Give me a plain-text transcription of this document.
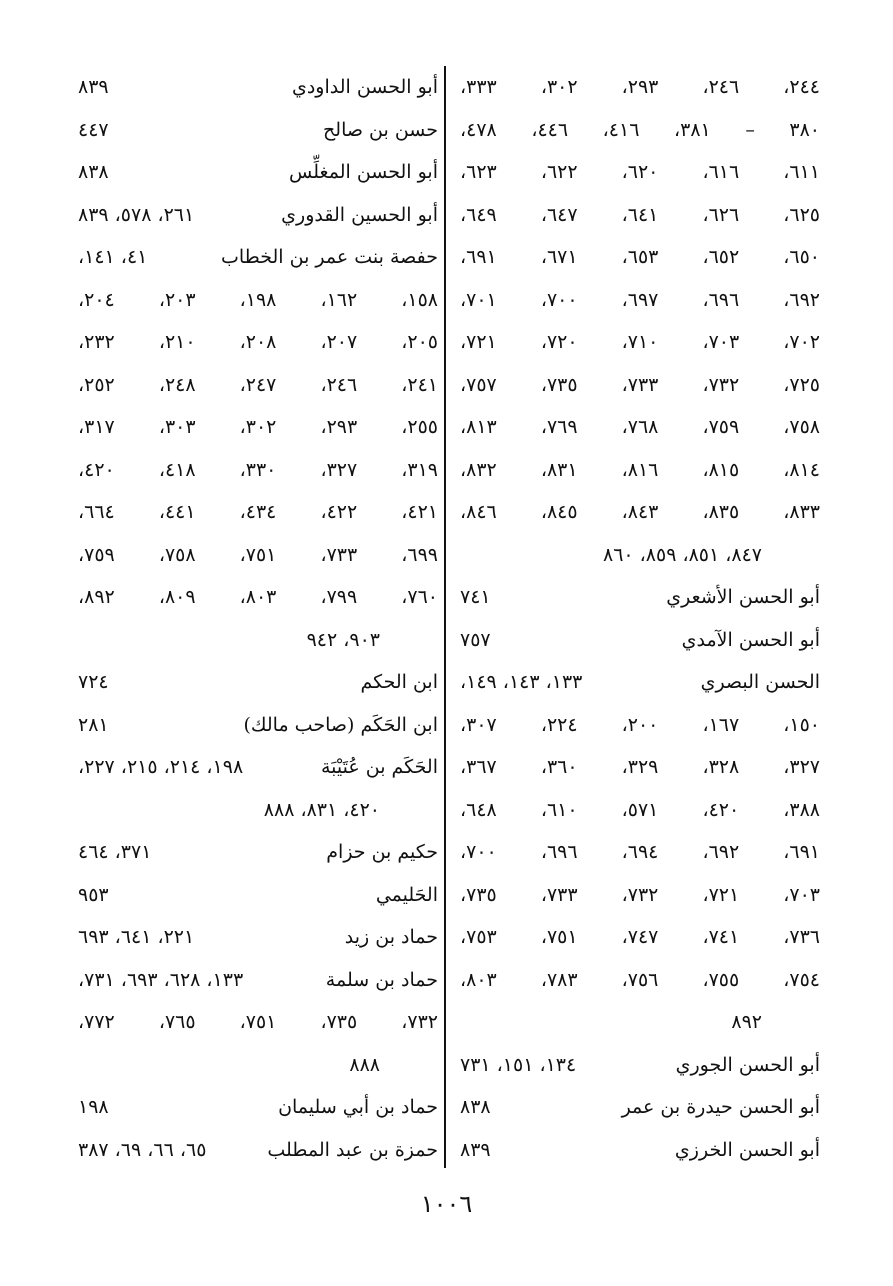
٢٤٤، ٢٤٦، ٢٩٣، ٣٠٢، ٣٣٣،
٣٨٠ – ٣٨١، ٤١٦، ٤٤٦، ٤٧٨،
٦١١، ٦١٦، ٦٢٠، ٦٢٢، ٦٢٣،
٦٢٥، ٦٢٦، ٦٤١، ٦٤٧، ٦٤٩،
٦٥٠، ٦٥٢، ٦٥٣، ٦٧١، ٦٩١،
٦٩٢، ٦٩٦، ٦٩٧، ٧٠٠، ٧٠١،
٧٠٢، ٧٠٣، ٧١٠، ٧٢٠، ٧٢١،
٧٢٥، ٧٣٢، ٧٣٣، ٧٣٥، ٧٥٧،
٧٥٨، ٧٥٩، ٧٦٨، ٧٦٩، ٨١٣،
٨١٤، ٨١٥، ٨١٦، ٨٣١، ٨٣٢،
٨٣٣، ٨٣٥، ٨٤٣، ٨٤٥، ٨٤٦،
٨٤٧، ٨٥١، ٨٥٩، ٨٦٠
أبو الحسن الأشعري
٧٤١
أبو الحسن الآمدي
٧٥٧
الحسن البصري
١٣٣، ١٤٣، ١٤٩،
١٥٠، ١٦٧، ٢٠٠، ٢٢٤، ٣٠٧،
٣٢٧، ٣٢٨، ٣٢٩، ٣٦٠، ٣٦٧،
٣٨٨، ٤٢٠، ٥٧١، ٦١٠، ٦٤٨،
٦٩١، ٦٩٢، ٦٩٤، ٦٩٦، ٧٠٠،
٧٠٣، ٧٢١، ٧٣٢، ٧٣٣، ٧٣٥،
٧٣٦، ٧٤١، ٧٤٧، ٧٥١، ٧٥٣،
٧٥٤، ٧٥٥، ٧٥٦، ٧٨٣، ٨٠٣،
٨٩٢
أبو الحسن الجوري
١٣٤، ١٥١، ٧٣١
أبو الحسن حيدرة بن عمر
٨٣٨
أبو الحسن الخرزي
٨٣٩
أبو الحسن الداودي
٨٣٩
حسن بن صالح
٤٤٧
أبو الحسن المغلِّس
٨٣٨
أبو الحسين القدوري
٢٦١، ٥٧٨، ٨٣٩
حفصة بنت عمر بن الخطاب
٤١، ١٤١،
١٥٨، ١٦٢، ١٩٨، ٢٠٣، ٢٠٤،
٢٠٥، ٢٠٧، ٢٠٨، ٢١٠، ٢٣٢،
٢٤١، ٢٤٦، ٢٤٧، ٢٤٨، ٢٥٢،
٢٥٥، ٢٩٣، ٣٠٢، ٣٠٣، ٣١٧،
٣١٩، ٣٢٧، ٣٣٠، ٤١٨، ٤٢٠،
٤٢١، ٤٢٢، ٤٣٤، ٤٤١، ٦٦٤،
٦٩٩، ٧٣٣، ٧٥١، ٧٥٨، ٧٥٩،
٧٦٠، ٧٩٩، ٨٠٣، ٨٠٩، ٨٩٢،
٩٠٣، ٩٤٢
ابن الحكم
٧٢٤
ابن الحَكَم (صاحب مالك)
٢٨١
الحَكَم بن عُتَيْبَة
١٩٨، ٢١٤، ٢١٥، ٢٢٧،
٤٢٠، ٨٣١، ٨٨٨
حكيم بن حزام
٣٧١، ٤٦٤
الحَليمي
٩٥٣
حماد بن زيد
٢٢١، ٦٤١، ٦٩٣
حماد بن سلمة
١٣٣، ٦٢٨، ٦٩٣، ٧٣١،
٧٣٢، ٧٣٥، ٧٥١، ٧٦٥، ٧٧٢،
٨٨٨
حماد بن أبي سليمان
١٩٨
حمزة بن عبد المطلب
٦٥، ٦٦، ٦٩، ٣٨٧
١٠٠٦
